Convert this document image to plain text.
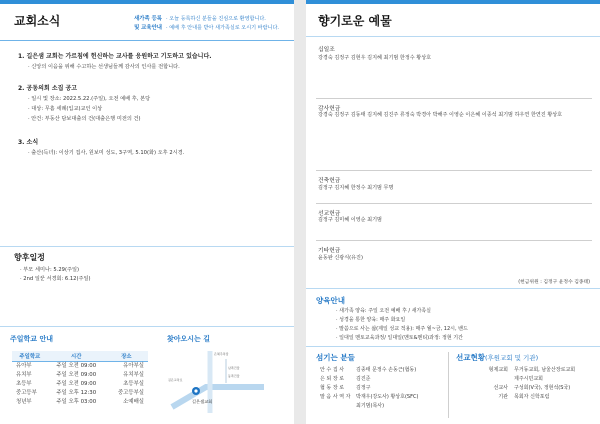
교회소식	새가족 등록
및 교육안내
· 오늘 등록하신 분들을 진심으로 환영합니다.
· 예배 후 안내를 받아 새가족실로 오시기 바랍니다.
1. 길은샘 교회는 가르침에 헌신하는 교사를 응원하고 기도하고 있습니다.
· 신앙의 이음을 위해 수고하는 선생님들께 감사의 인사를 전합니다.
2. 공동의회 소집 공고
· 일시 및 장소: 2022.5.22.(주일), 오전 예배 후, 본당
· 대상: 무흠 세례(입교)교인 이상
· 안건: 부동산 담보대출의 건(대출은행 미전의 건)
3. 소식
· 출산(득녀): 이상기 집사, 원보미 성도, 3구역, 5.10(화) 오후 2시경.
향후일정
· 부모 세미나: 5.29(주일)
· 2nd 일꾼 서경회: 6.12(주일)
주일학교 안내
주일학교	시간	장소
유아부	주일 오전 09:00	유아부실
유치부	주일 오전 09:00	유치부실
초등부	주일 오전 09:00	초등부실
중고등부	주일 오후 12:30	중고등부실
청년부	주일 오후 03:00	소예배실
찾아오시는 길
길은샘교회
은혜주차장
남쪽건물
동쪽건물
길은교차로
향기로운 예물
십일조
강경숙 김정구 김현우 김지혜 최기범 한정수 황상호
감사헌금
강경숙 김정구 김동태 김지혜 김진주 류정숙 박경아 박해주 이영순 이은혜 이종석 최기범 하우연 한연진 황상호
건축헌금
김정구 김지혜 한정수 최기범 무명
선교헌금
김정구 김미혜 이영순 최기범
기타헌금
윤동완 신광식(유진)
(헌금위원 : 김정구 윤정수 김종태)
양육안내
· 새가족 양육: 주일 오전 예배 후 / 새가족실
· 성경을 통한 양육: 매주 화요일
· 말씀으로 사는 삶(제일 성교 적용): 매주 월~금, 12시, 밴드
· 일대일 멘토교육과정/ 일대일(멘토&멘티)과정: 정현 기간
섬기는 분들
안 수 집 사	김종태 문정수 손동근(협동)
은 퇴 장 로	김진준
협 동 장 로	김정구
말 음 사 역 자	박재우(강도사) 황상호(SFC)
	최기범(목사)
선교현황(후원교회 및 기관)
형제교회	무거동교회, 남울산장로교회
	제주시민교회
선교사	구성회(V국), 정현석(S국)
기관	목회자 신학포럼
